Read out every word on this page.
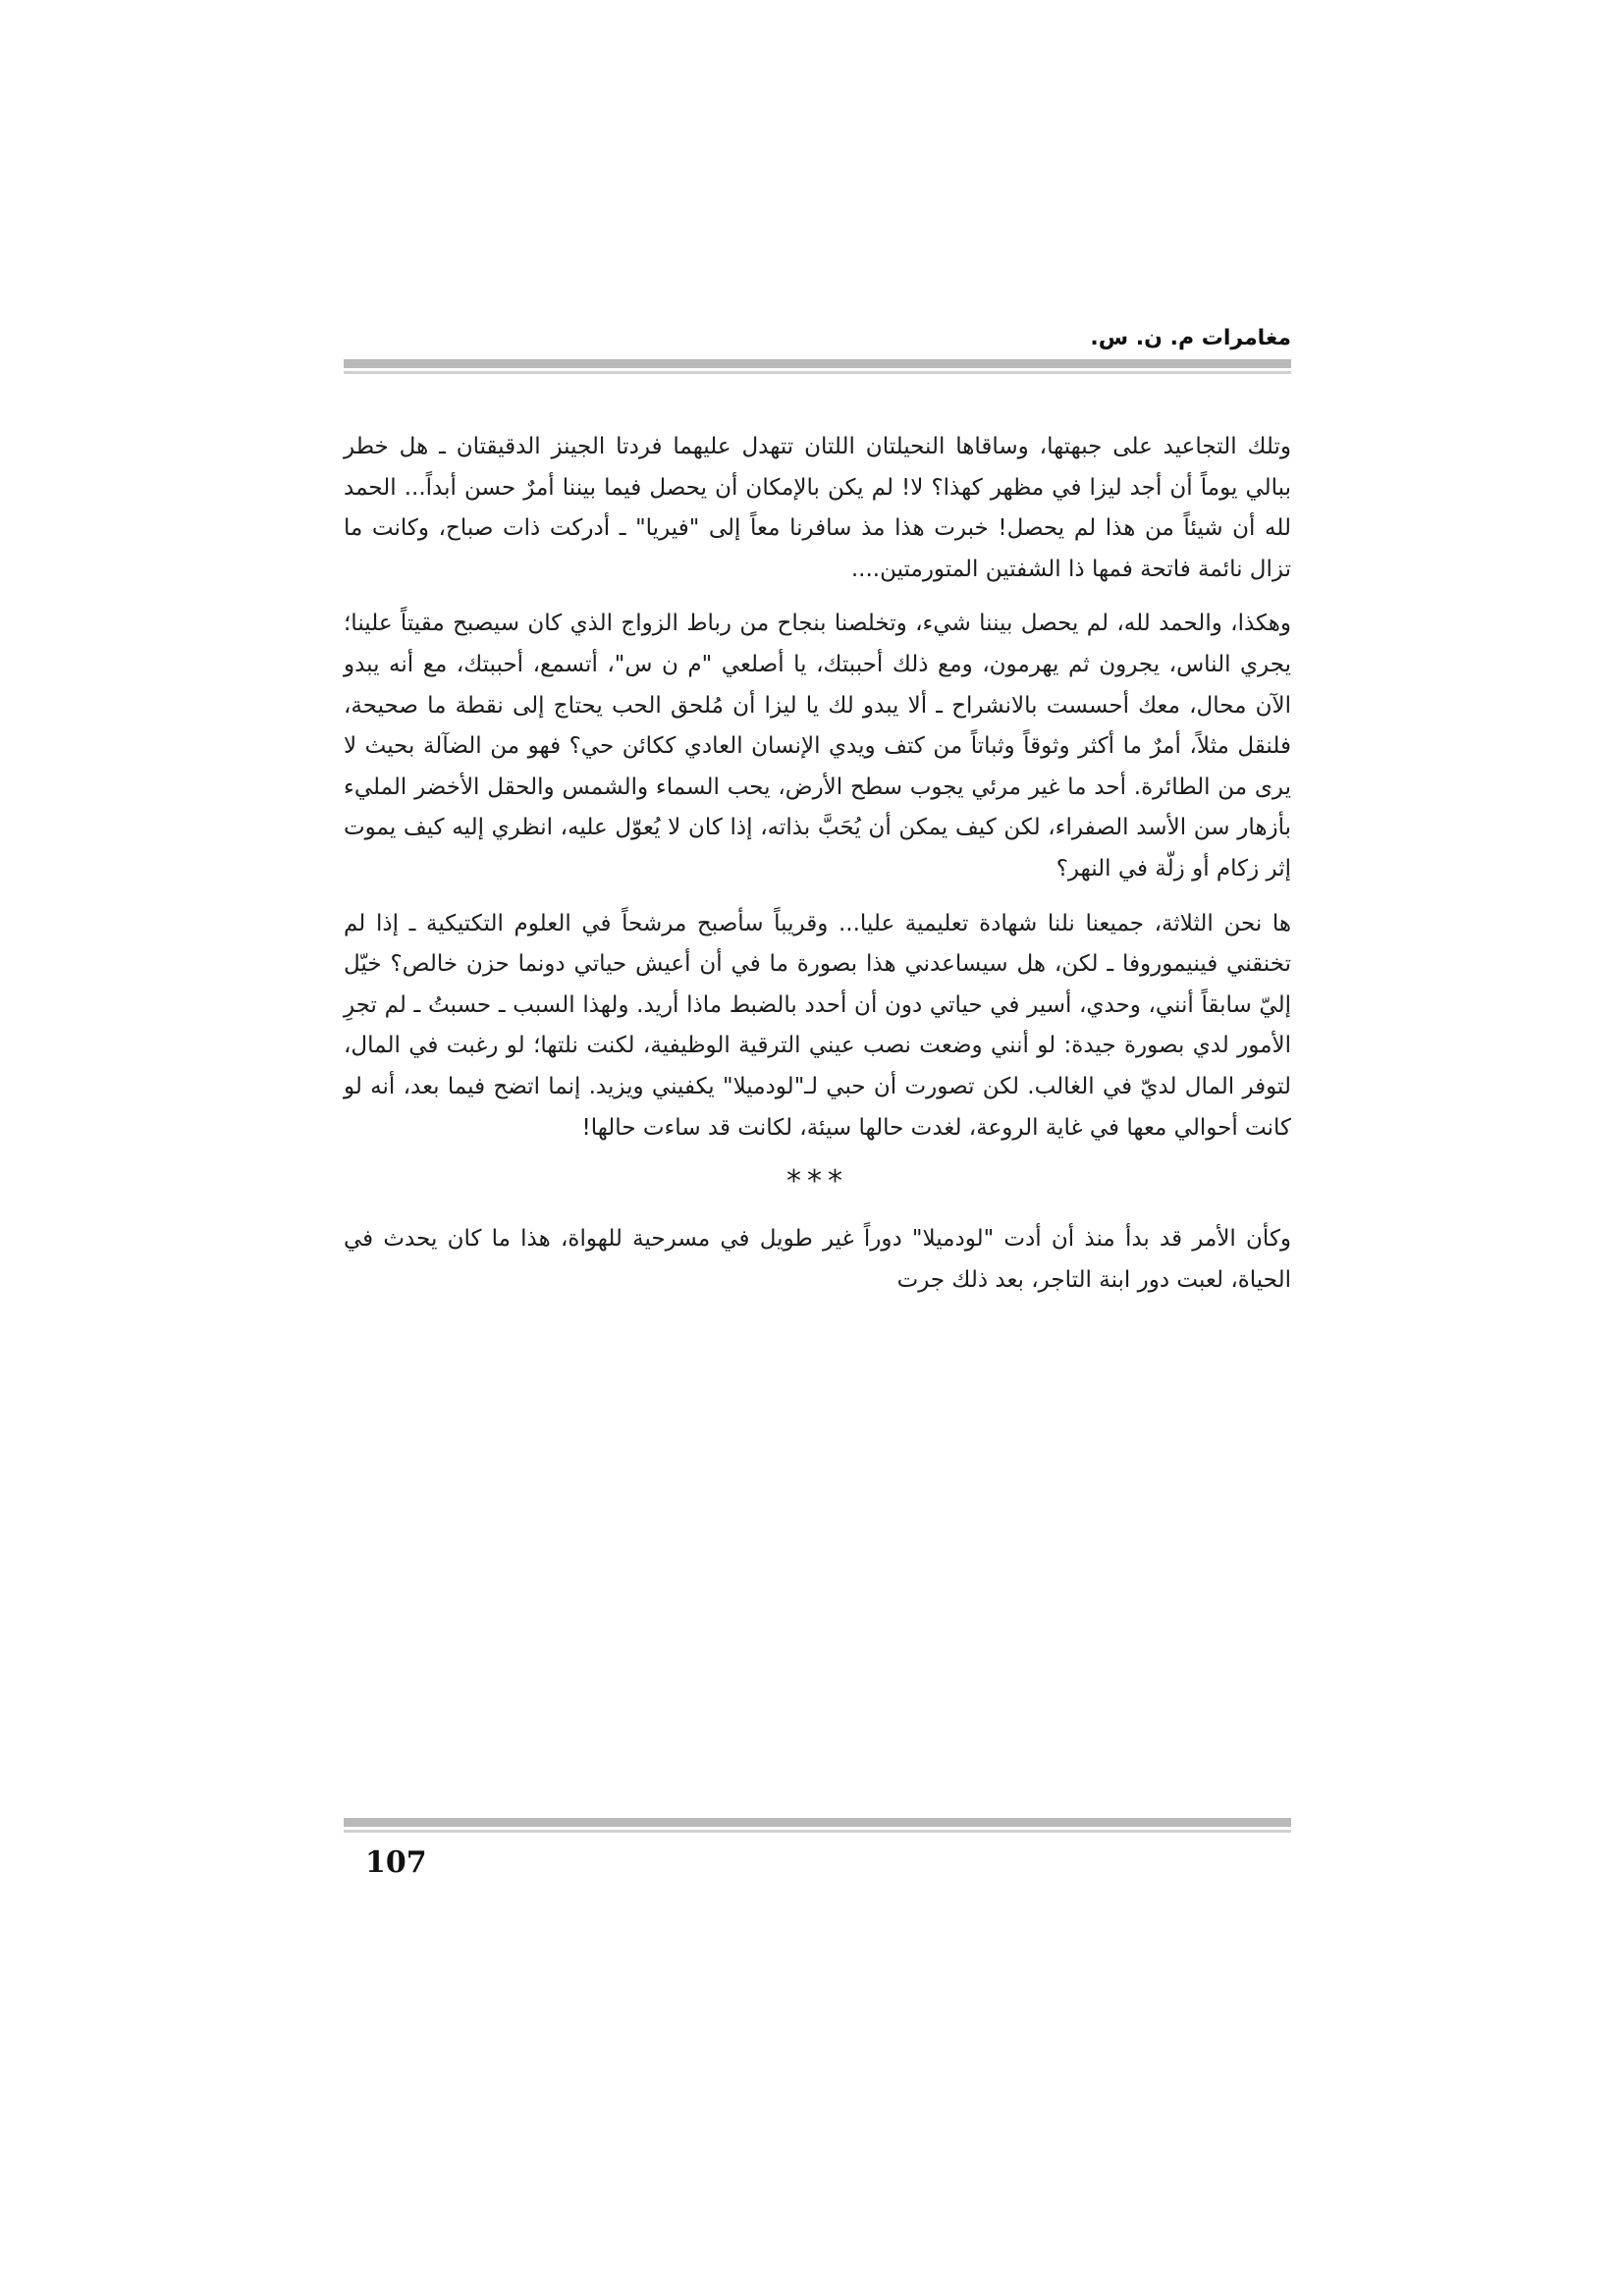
مغامرات م. ن. س.

وتلك التجاعيد على جبهتها، وساقاها النحيلتان اللتان تتهدل عليهما فردتا الجينز الدقيقتان ـ هل خطر ببالي يوماً أن أجد ليزا في مظهر كهذا؟ لا! لم يكن بالإمكان أن يحصل فيما بيننا أمرٌ حسن أبداً... الحمد لله أن شيئاً من هذا لم يحصل! خبرت هذا مذ سافرنا معاً إلى "فيريا" ـ أدركت ذات صباح، وكانت ما تزال نائمة فاتحة فمها ذا الشفتين المتورمتين....

وهكذا، والحمد لله، لم يحصل بيننا شيء، وتخلصنا بنجاح من رباط الزواج الذي كان سيصبح مقيتاً علينا؛ يجري الناس، يجرون ثم يهرمون، ومع ذلك أحببتك، يا أصلعي "م ن س"، أتسمع، أحببتك، مع أنه يبدو الآن محال، معك أحسست بالانشراح ـ ألا يبدو لك يا ليزا أن مُلحق الحب يحتاج إلى نقطة ما صحيحة، فلنقل مثلاً، أمرٌ ما أكثر وثوقاً وثباتاً من كتف ويدي الإنسان العادي ككائن حي؟ فهو من الضآلة بحيث لا يرى من الطائرة. أحد ما غير مرئي يجوب سطح الأرض، يحب السماء والشمس والحقل الأخضر المليء بأزهار سن الأسد الصفراء، لكن كيف يمكن أن يُحَبَّ بذاته، إذا كان لا يُعوّل عليه، انظري إليه كيف يموت إثر زكام أو زلّة في النهر؟

ها نحن الثلاثة، جميعنا نلنا شهادة تعليمية عليا... وقريباً سأصبح مرشحاً في العلوم التكتيكية ـ إذا لم تخنقني فينيموروفا ـ لكن، هل سيساعدني هذا بصورة ما في أن أعيش حياتي دونما حزن خالص؟ خيّل إليّ سابقاً أنني، وحدي، أسير في حياتي دون أن أحدد بالضبط ماذا أريد. ولهذا السبب ـ حسبتُ ـ لم تجرِ الأمور لدي بصورة جيدة: لو أنني وضعت نصب عيني الترقية الوظيفية، لكنت نلتها؛ لو رغبت في المال، لتوفر المال لديّ في الغالب. لكن تصورت أن حبي لـ"لودميلا" يكفيني ويزيد. إنما اتضح فيما بعد، أنه لو كانت أحوالي معها في غاية الروعة، لغدت حالها سيئة، لكانت قد ساءت حالها!

***

وكأن الأمر قد بدأ منذ أن أدت "لودميلا" دوراً غير طويل في مسرحية للهواة، هذا ما كان يحدث في الحياة، لعبت دور ابنة التاجر، بعد ذلك جرت

107
